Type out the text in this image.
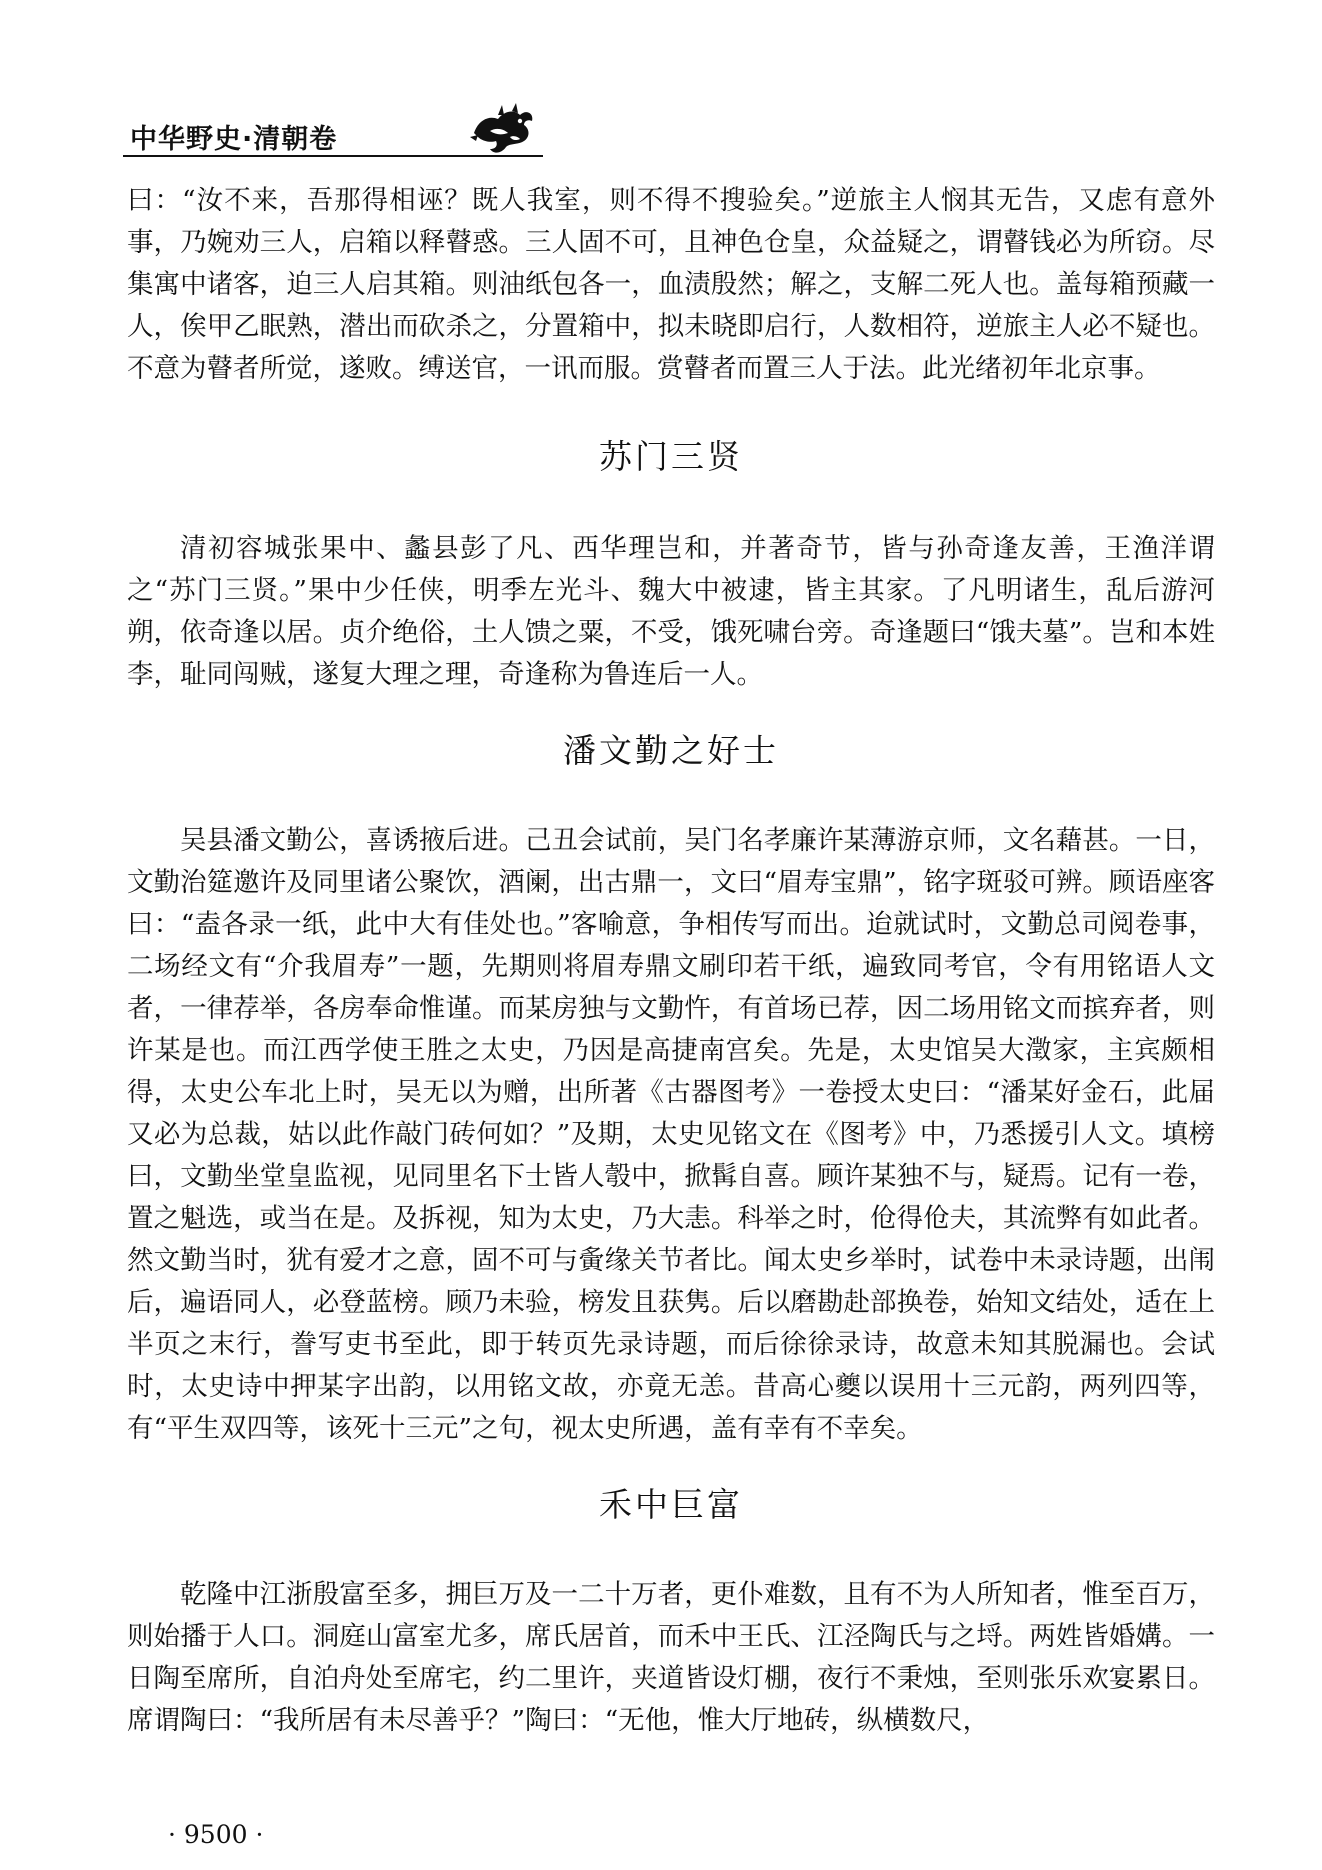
中华野史·清朝卷

曰：“汝不来，吾那得相诬？既人我室，则不得不搜验矣。”逆旅主人悯其无告，又虑有意外事，乃婉劝三人，启箱以释瞽惑。三人固不可，且神色仓皇，众益疑之，谓瞽钱必为所窃。尽集寓中诸客，迫三人启其箱。则油纸包各一，血渍殷然；解之，支解二死人也。盖每箱预藏一人，俟甲乙眠熟，潜出而砍杀之，分置箱中，拟未晓即启行，人数相符，逆旅主人必不疑也。不意为瞽者所觉，遂败。缚送官，一讯而服。赏瞽者而置三人于法。此光绪初年北京事。

苏门三贤

清初容城张果中、蠡县彭了凡、西华理岂和，并著奇节，皆与孙奇逢友善，王渔洋谓之“苏门三贤。”果中少任侠，明季左光斗、魏大中被逮，皆主其家。了凡明诸生，乱后游河朔，依奇逢以居。贞介绝俗，土人馈之粟，不受，饿死啸台旁。奇逢题曰“饿夫墓”。岂和本姓李，耻同闯贼，遂复大理之理，奇逢称为鲁连后一人。

潘文勤之好士

吴县潘文勤公，喜诱掖后进。己丑会试前，吴门名孝廉许某薄游京师，文名藉甚。一日，文勤治筵邀许及同里诸公聚饮，酒阑，出古鼎一，文曰“眉寿宝鼎”，铭字斑驳可辨。顾语座客曰：“盍各录一纸，此中大有佳处也。”客喻意，争相传写而出。迨就试时，文勤总司阅卷事，二场经文有“介我眉寿”一题，先期则将眉寿鼎文刷印若干纸，遍致同考官，令有用铭语人文者，一律荐举，各房奉命惟谨。而某房独与文勤忤，有首场已荐，因二场用铭文而摈弃者，则许某是也。而江西学使王胜之太史，乃因是高捷南宫矣。先是，太史馆吴大澂家，主宾颇相得，太史公车北上时，吴无以为赠，出所著《古器图考》一卷授太史曰：“潘某好金石，此届又必为总裁，姑以此作敲门砖何如？”及期，太史见铭文在《图考》中，乃悉援引人文。填榜曰，文勤坐堂皇监视，见同里名下士皆人彀中，掀髯自喜。顾许某独不与，疑焉。记有一卷，置之魁选，或当在是。及拆视，知为太史，乃大恚。科举之时，伧得伧夫，其流弊有如此者。然文勤当时，犹有爱才之意，固不可与夤缘关节者比。闻太史乡举时，试卷中未录诗题，出闱后，遍语同人，必登蓝榜。顾乃未验，榜发且获隽。后以磨勘赴部换卷，始知文结处，适在上半页之末行，誊写吏书至此，即于转页先录诗题，而后徐徐录诗，故意未知其脱漏也。会试时，太史诗中押某字出韵，以用铭文故，亦竟无恙。昔高心夔以误用十三元韵，两列四等，有“平生双四等，该死十三元”之句，视太史所遇，盖有幸有不幸矣。

禾中巨富

乾隆中江浙殷富至多，拥巨万及一二十万者，更仆难数，且有不为人所知者，惟至百万，则始播于人口。洞庭山富室尤多，席氏居首，而禾中王氏、江泾陶氏与之埒。两姓皆婚媾。一日陶至席所，自泊舟处至席宅，约二里许，夹道皆设灯棚，夜行不秉烛，至则张乐欢宴累日。席谓陶曰：“我所居有未尽善乎？”陶曰：“无他，惟大厅地砖，纵横数尺，

· 9500 ·
